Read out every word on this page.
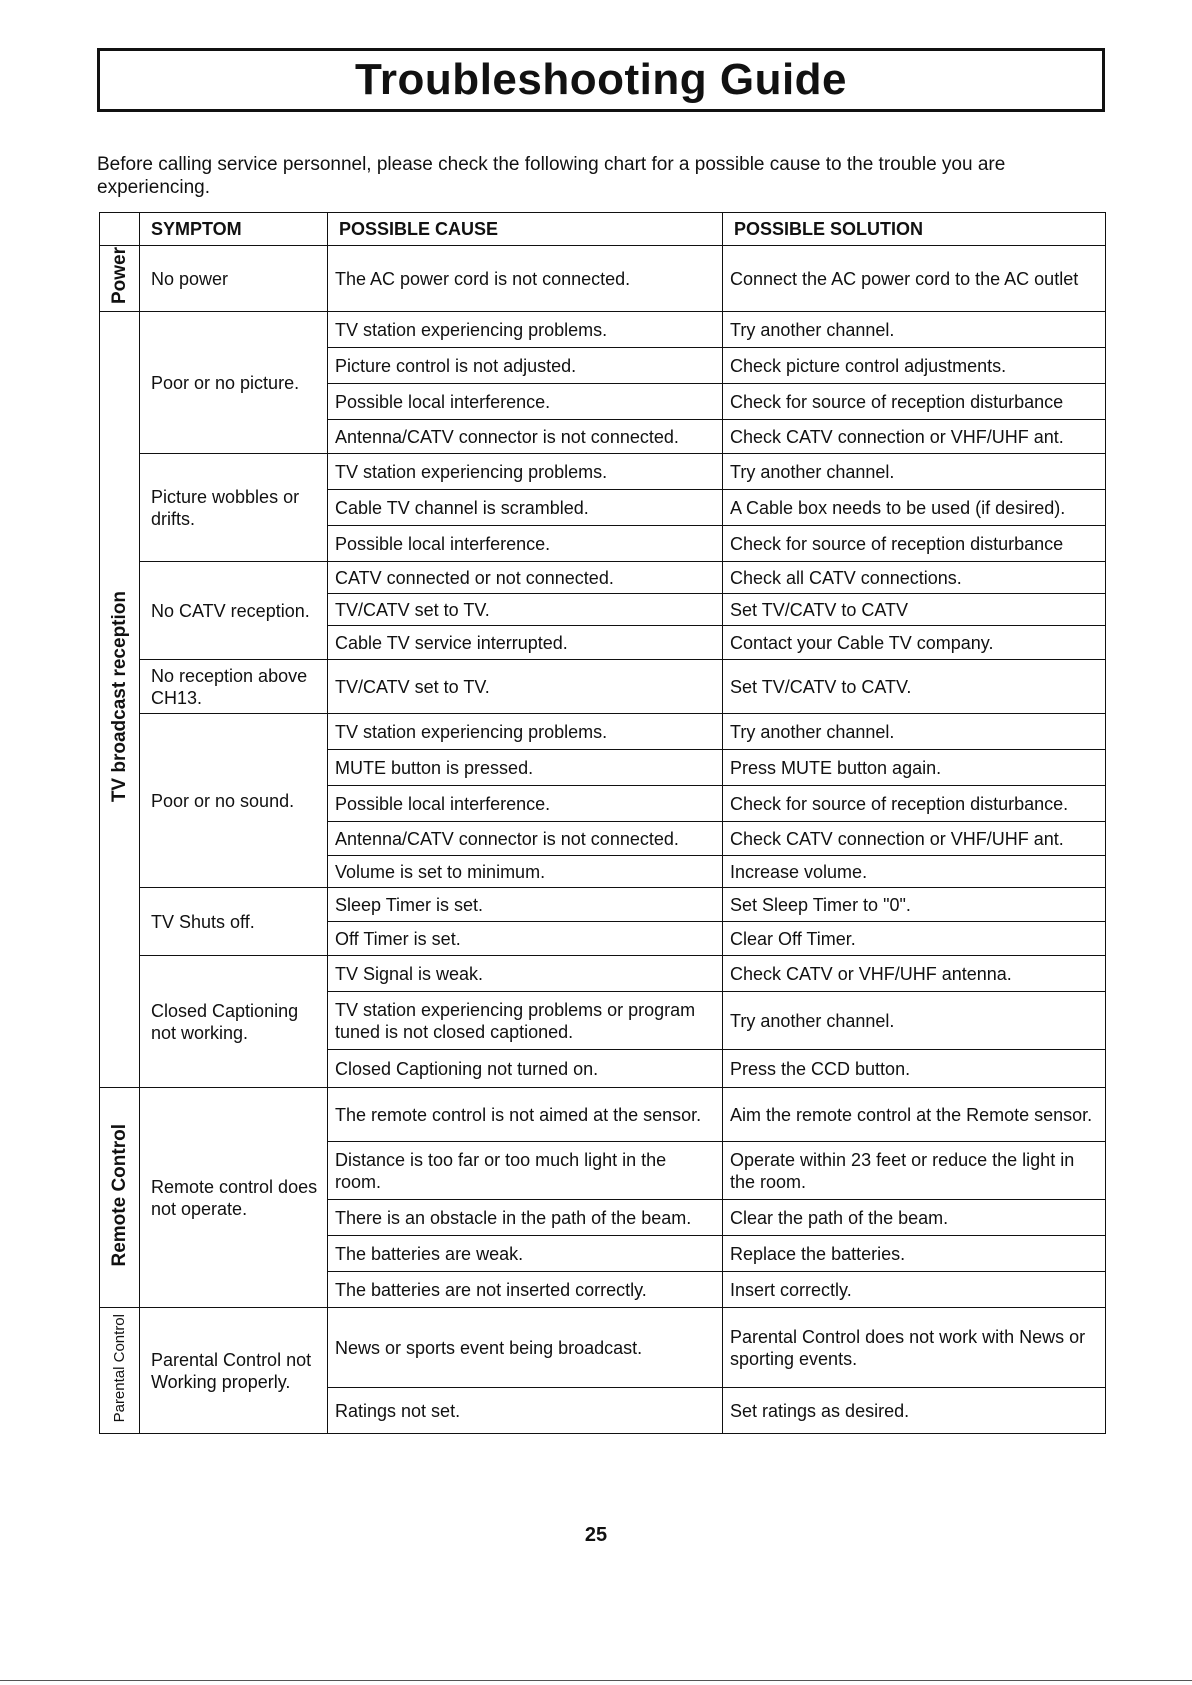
Troubleshooting Guide

Before calling service personnel, please check the following chart for a possible cause to the trouble you are experiencing.

	SYMPTOM	POSSIBLE CAUSE	POSSIBLE SOLUTION
Power	No power	The AC power cord is not connected.	Connect the AC power cord to the AC outlet
TV broadcast reception	Poor or no picture.	TV station experiencing problems.	Try another channel.
		Picture control is not adjusted.	Check picture control adjustments.
		Possible local interference.	Check for source of reception disturbance
		Antenna/CATV connector is not connected.	Check CATV connection or VHF/UHF ant.
	Picture wobbles or drifts.	TV station experiencing problems.	Try another channel.
		Cable TV channel is scrambled.	A Cable box needs to be used (if desired).
		Possible local interference.	Check for source of reception disturbance
	No CATV reception.	CATV connected or not connected.	Check all CATV connections.
		TV/CATV set to TV.	Set TV/CATV to CATV
		Cable TV service interrupted.	Contact your Cable TV company.
	No reception above CH13.	TV/CATV set to TV.	Set TV/CATV to CATV.
	Poor or no sound.	TV station experiencing problems.	Try another channel.
		MUTE button is pressed.	Press MUTE button again.
		Possible local interference.	Check for source of reception disturbance.
		Antenna/CATV connector is not connected.	Check CATV connection or VHF/UHF ant.
		Volume is set to minimum.	Increase volume.
	TV Shuts off.	Sleep Timer is set.	Set Sleep Timer to "0".
		Off Timer is set.	Clear Off Timer.
	Closed Captioning not working.	TV Signal is weak.	Check CATV or VHF/UHF antenna.
		TV station experiencing problems or program tuned is not closed captioned.	Try another channel.
		Closed Captioning not turned on.	Press the CCD button.
Remote Control	Remote control does not operate.	The remote control is not aimed at the sensor.	Aim the remote control at the Remote sensor.
		Distance is too far or too much light in the room.	Operate within 23 feet or reduce the light in the room.
		There is an obstacle in the path of the beam.	Clear the path of the beam.
		The batteries are weak.	Replace the batteries.
		The batteries are not inserted correctly.	Insert correctly.
Parental Control	Parental Control not Working properly.	News or sports event being broadcast.	Parental Control does not work with News or sporting events.
		Ratings not set.	Set ratings as desired.

25
